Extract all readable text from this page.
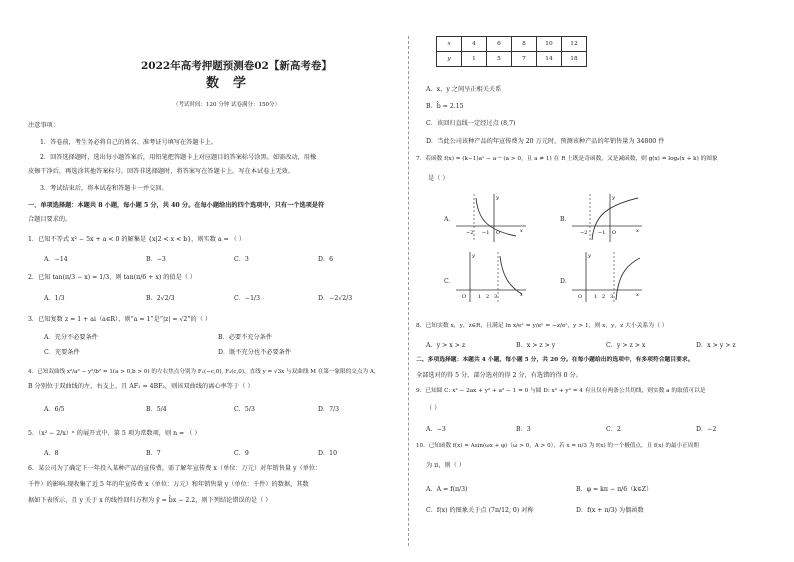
2022年高考押题预测卷02【新高考卷】
数学
（考试时间：120 分钟 试卷满分：150分）
注意事项：
1．答卷前，考生务必将自己的姓名、准考证号填写在答题卡上。
2．回答选择题时，选出每小题答案后，用铅笔把答题卡上对应题目的答案标号涂黑。如需改动，用橡
皮擦干净后，再选涂其他答案标号。回答非选择题时，将答案写在答题卡上。写在本试卷上无效。
3．考试结束后，将本试卷和答题卡一并交回。
一、单项选择题：本题共 8 小题，每小题 5 分，共 40 分。在每小题给出的四个选项中，只有一个选项是符
合题目要求的。
1．已知不等式 x² − 5x + a < 0 的解集是 {x|2 < x < b}，则实数 a = （ ）
A．−14	B．−3	C．3	D．6
2．已知 tan(π/3 − x) = 1/3，则 tan(π/6 + x) 的值是（ ）
A．1/3	B．2√2/3	C．−1/3	D．−2√2/3
3．已知复数 z = 1 + ai（a∈R），则“a = 1”是“|z| = √2”的（ ）
A．充分不必要条件	B．必要不充分条件
C．充要条件	D．既不充分也不必要条件
4．已知双曲线 x²/a² − y²/b² = 1(a > 0,b > 0) 的左右焦点分别为 F₁(−c,0), F₂(c,0)，直线 y = √3x 与双曲线 M 在第一象限的交点为 A，
B 分别位于双曲线的左、右支上，且 AF₁ = 4BF₂，则该双曲线的离心率等于（ ）
A．6/5	B．5/4	C．5/3	D．7/3
5．（x² − 2/x）ⁿ 的展开式中，第 5 项为常数项，则 n = （ ）
A．8	B．7	C．9	D．10
6．某公司为了确定下一年投入某种产品的宣传费，需了解年宣传费 x（单位：万元）对年销售量 y（单位：
千件）的影响.现收集了近 5 年的年宣传费 x（单位：万元）和年销售量 y（单位：千件）的数据，其数
据如下表所示，且 y 关于 x 的线性回归方程为 ŷ = b̂x − 2.2，则下列结论错误的是（ ）
x	4	6	8	10	12
y	1	5	7	14	18
A．x，y 之间呈正相关关系
B．b̂ = 2.15
C．该回归直线一定经过点 (8,7)
D．当此公司该种产品的年宣传费为 20 万元时，预测该种产品的年销售量为 34800 件
7．若函数 f(x) = (k−1)aˣ − a⁻ˣ (a > 0，且 a ≠ 1) 在 R 上既是奇函数，又是减函数，则 g(x) = logₐ(x + k) 的图象
是（ ）
A．
−2 −1 O	x
y
B．
−2 −1 O	x
y
C．
O 1 2 3	x
y
D．
O 1 2 3	x
y
8．已知实数 x，y，z∈R，且满足 ln x/eˣ = y/eʸ = −z/eᶻ，y > 1，则 x，y，z 大小关系为（ ）
A．y > x > z	B．x > z > y	C．y > z > x	D．x > y > z
二、多项选择题：本题共 4 小题，每小题 5 分，共 20 分。在每小题给出的选项中，有多项符合题目要求。
全部选对的得 5 分，部分选对的得 2 分，有选错的得 0 分。
9．已知圆 C: x² − 2ax + y² + a² − 1 = 0 与圆 D: x² + y² = 4 有且仅有两条公共切线，则实数 a 的取值可以是
（ ）
A．−3	B．3	C．2	D．−2
10．已知函数 f(x) = Asin(ωx + φ)（ω > 0，A > 0），若 x = π/3 为 f(x) 的一个极值点，且 f(x) 的最小正周期
为 π，则（ ）
A．A = f(π/3)	B．φ = kπ − π/6（k∈Z）
C．f(x) 的图象关于点 (7π/12, 0) 对称	D．f(x + π/3) 为偶函数
